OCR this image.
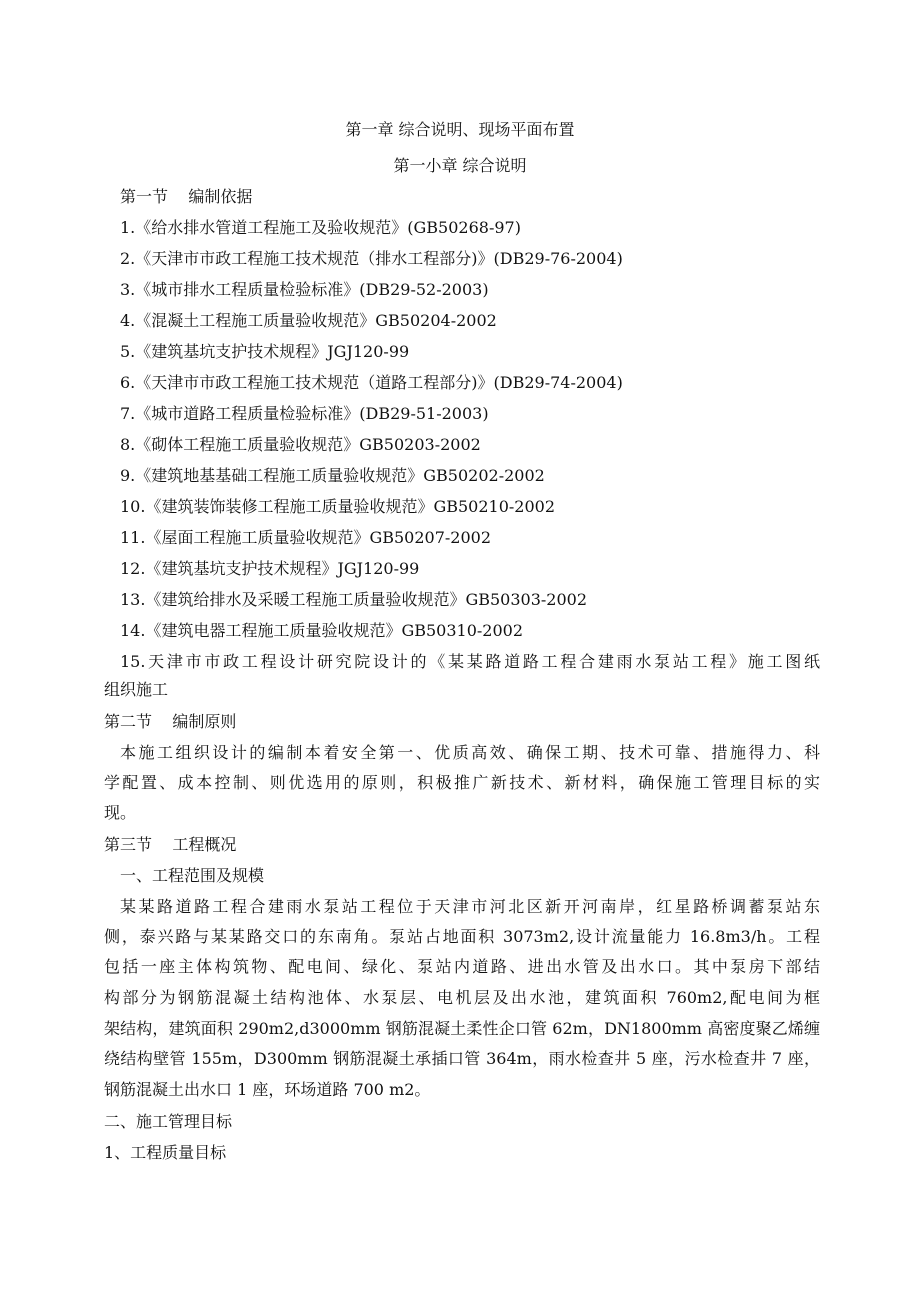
第一章 综合说明、现场平面布置
第一小章 综合说明
第一节    编制依据
1.《给水排水管道工程施工及验收规范》(GB50268-97)
2.《天津市市政工程施工技术规范（排水工程部分)》(DB29-76-2004)
3.《城市排水工程质量检验标准》(DB29-52-2003)
4.《混凝土工程施工质量验收规范》GB50204-2002
5.《建筑基坑支护技术规程》JGJ120-99
6.《天津市市政工程施工技术规范（道路工程部分)》(DB29-74-2004)
7.《城市道路工程质量检验标准》(DB29-51-2003)
8.《砌体工程施工质量验收规范》GB50203-2002
9.《建筑地基基础工程施工质量验收规范》GB50202-2002
10.《建筑装饰装修工程施工质量验收规范》GB50210-2002
11.《屋面工程施工质量验收规范》GB50207-2002
12.《建筑基坑支护技术规程》JGJ120-99
13.《建筑给排水及采暖工程施工质量验收规范》GB50303-2002
14.《建筑电器工程施工质量验收规范》GB50310-2002
15.天津市市政工程设计研究院设计的《某某路道路工程合建雨水泵站工程》施工图纸
组织施工
第二节    编制原则
本施工组织设计的编制本着安全第一、优质高效、确保工期、技术可靠、措施得力、科
学配置、成本控制、则优选用的原则，积极推广新技术、新材料，确保施工管理目标的实
现。
第三节    工程概况
一、工程范围及规模
某某路道路工程合建雨水泵站工程位于天津市河北区新开河南岸，红星路桥调蓄泵站东
侧，泰兴路与某某路交口的东南角。泵站占地面积 3073m2,设计流量能力 16.8m3/h。工程
包括一座主体构筑物、配电间、绿化、泵站内道路、进出水管及出水口。其中泵房下部结
构部分为钢筋混凝土结构池体、水泵层、电机层及出水池，建筑面积 760m2,配电间为框
架结构，建筑面积 290m2,d3000mm 钢筋混凝土柔性企口管 62m，DN1800mm 高密度聚乙烯缠
绕结构壁管 155m，D300mm 钢筋混凝土承插口管 364m，雨水检查井 5 座，污水检查井 7 座，
钢筋混凝土出水口 1 座，环场道路 700 m2。
二、施工管理目标
1、工程质量目标
